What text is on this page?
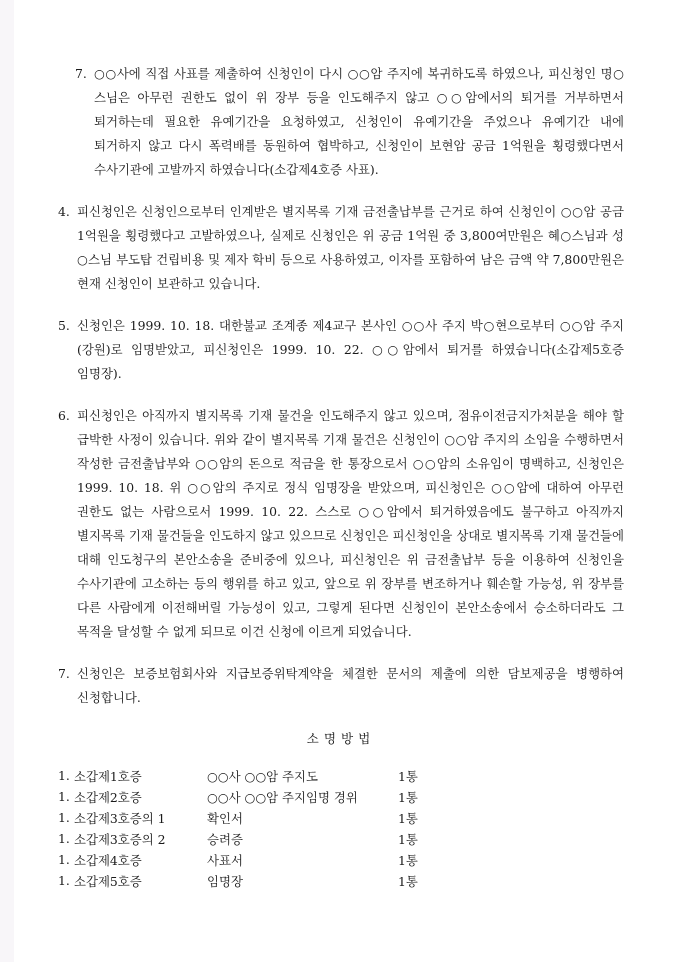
7. ○○사에 직접 사표를 제출하여 신청인이 다시 ○○암 주지에 복귀하도록 하였으나, 피신청인 명○스님은 아무런 권한도 없이 위 장부 등을 인도해주지 않고 ○○암에서의 퇴거를 거부하면서 퇴거하는데 필요한 유예기간을 요청하였고, 신청인이 유예기간을 주었으나 유예기간 내에 퇴거하지 않고 다시 폭력배를 동원하여 협박하고, 신청인이 보현암 공금 1억원을 횡령했다면서 수사기관에 고발까지 하였습니다(소갑제4호증 사표).
4. 피신청인은 신청인으로부터 인계받은 별지목록 기재 금전출납부를 근거로 하여 신청인이 ○○암 공금 1억원을 횡령했다고 고발하였으나, 실제로 신청인은 위 공금 1억원 중 3,800여만원은 혜○스님과 성○스님 부도탑 건립비용 및 제자 학비 등으로 사용하였고, 이자를 포함하여 남은 금액 약 7,800만원은 현재 신청인이 보관하고 있습니다.
5. 신청인은 1999. 10. 18. 대한불교 조계종 제4교구 본사인 ○○사 주지 박○현으로부터 ○○암 주지(강원)로 임명받았고, 피신청인은 1999. 10. 22. ○○암에서 퇴거를 하였습니다(소갑제5호증 임명장).
6. 피신청인은 아직까지 별지목록 기재 물건을 인도해주지 않고 있으며, 점유이전금지가처분을 해야 할 급박한 사정이 있습니다. 위와 같이 별지목록 기재 물건은 신청인이 ○○암 주지의 소임을 수행하면서 작성한 금전출납부와 ○○암의 돈으로 적금을 한 통장으로서 ○○암의 소유임이 명백하고, 신청인은 1999. 10. 18. 위 ○○암의 주지로 정식 임명장을 받았으며, 피신청인은 ○○암에 대하여 아무런 권한도 없는 사람으로서 1999. 10. 22. 스스로 ○○암에서 퇴거하였음에도 불구하고 아직까지 별지목록 기재 물건들을 인도하지 않고 있으므로 신청인은 피신청인을 상대로 별지목록 기재 물건들에 대해 인도청구의 본안소송을 준비중에 있으나, 피신청인은 위 금전출납부 등을 이용하여 신청인을 수사기관에 고소하는 등의 행위를 하고 있고, 앞으로 위 장부를 변조하거나 훼손할 가능성, 위 장부를 다른 사람에게 이전해버릴 가능성이 있고, 그렇게 된다면 신청인이 본안소송에서 승소하더라도 그 목적을 달성할 수 없게 되므로 이건 신청에 이르게 되었습니다.
7. 신청인은 보증보험회사와 지급보증위탁계약을 체결한 문서의 제출에 의한 담보제공을 병행하여 신청합니다.
소명방법
1.	소갑제1호증	○○사 ○○암 주지도	1통
1.	소갑제2호증	○○사 ○○암 주지임명 경위	1통
1.	소갑제3호증의 1	확인서	1통
1.	소갑제3호증의 2	승려증	1통
1.	소갑제4호증	사표서	1통
1.	소갑제5호증	임명장	1통
